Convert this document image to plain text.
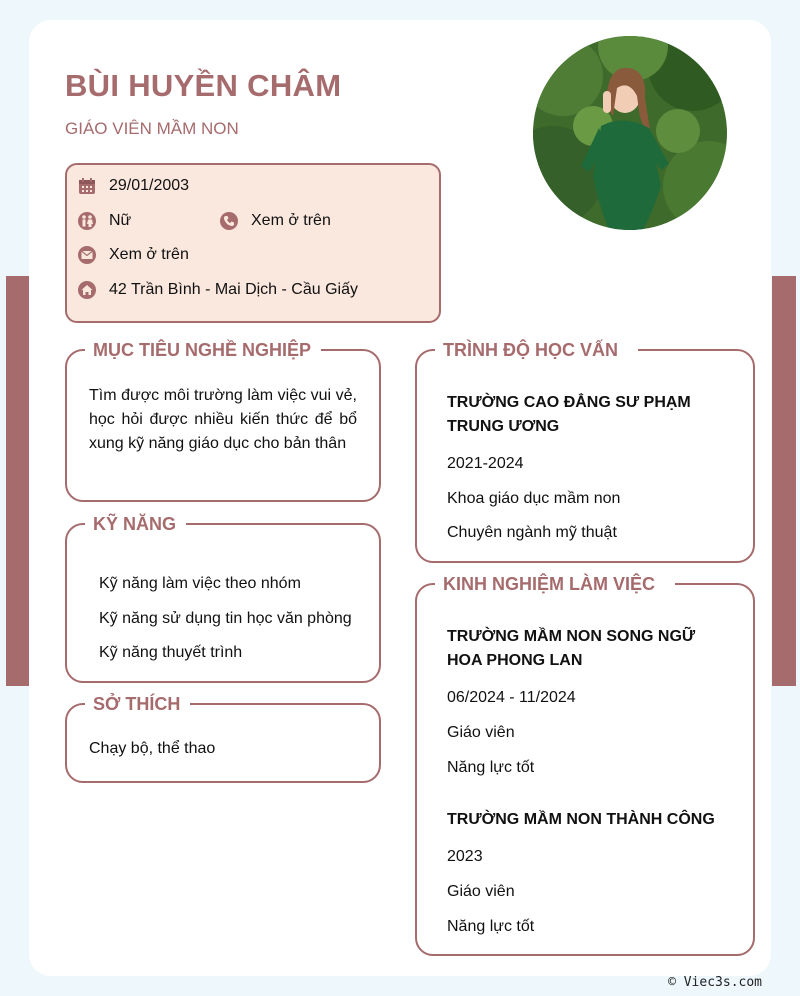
BÙI HUYỀN CHÂM
GIÁO VIÊN MẦM NON
29/01/2003
Nữ	Xem ở trên
Xem ở trên
42 Trần Bình - Mai Dịch - Cầu Giấy
MỤC TIÊU NGHỀ NGHIỆP
Tìm được môi trường làm việc vui vẻ, học hỏi được nhiều kiến thức để bổ xung kỹ năng giáo dục cho bản thân
KỸ NĂNG
Kỹ năng làm việc theo nhóm
Kỹ năng sử dụng tin học văn phòng
Kỹ năng thuyết trình
SỞ THÍCH
Chạy bộ, thể thao
TRÌNH ĐỘ HỌC VẤN
TRƯỜNG CAO ĐẲNG SƯ PHẠM
TRUNG ƯƠNG
2021-2024
Khoa giáo dục mầm non
Chuyên ngành mỹ thuật
KINH NGHIỆM LÀM VIỆC
TRƯỜNG MẦM NON SONG NGỮ
HOA PHONG LAN
06/2024 - 11/2024
Giáo viên
Năng lực tốt
TRƯỜNG MẦM NON THÀNH CÔNG
2023
Giáo viên
Năng lực tốt
© Viec3s.com
